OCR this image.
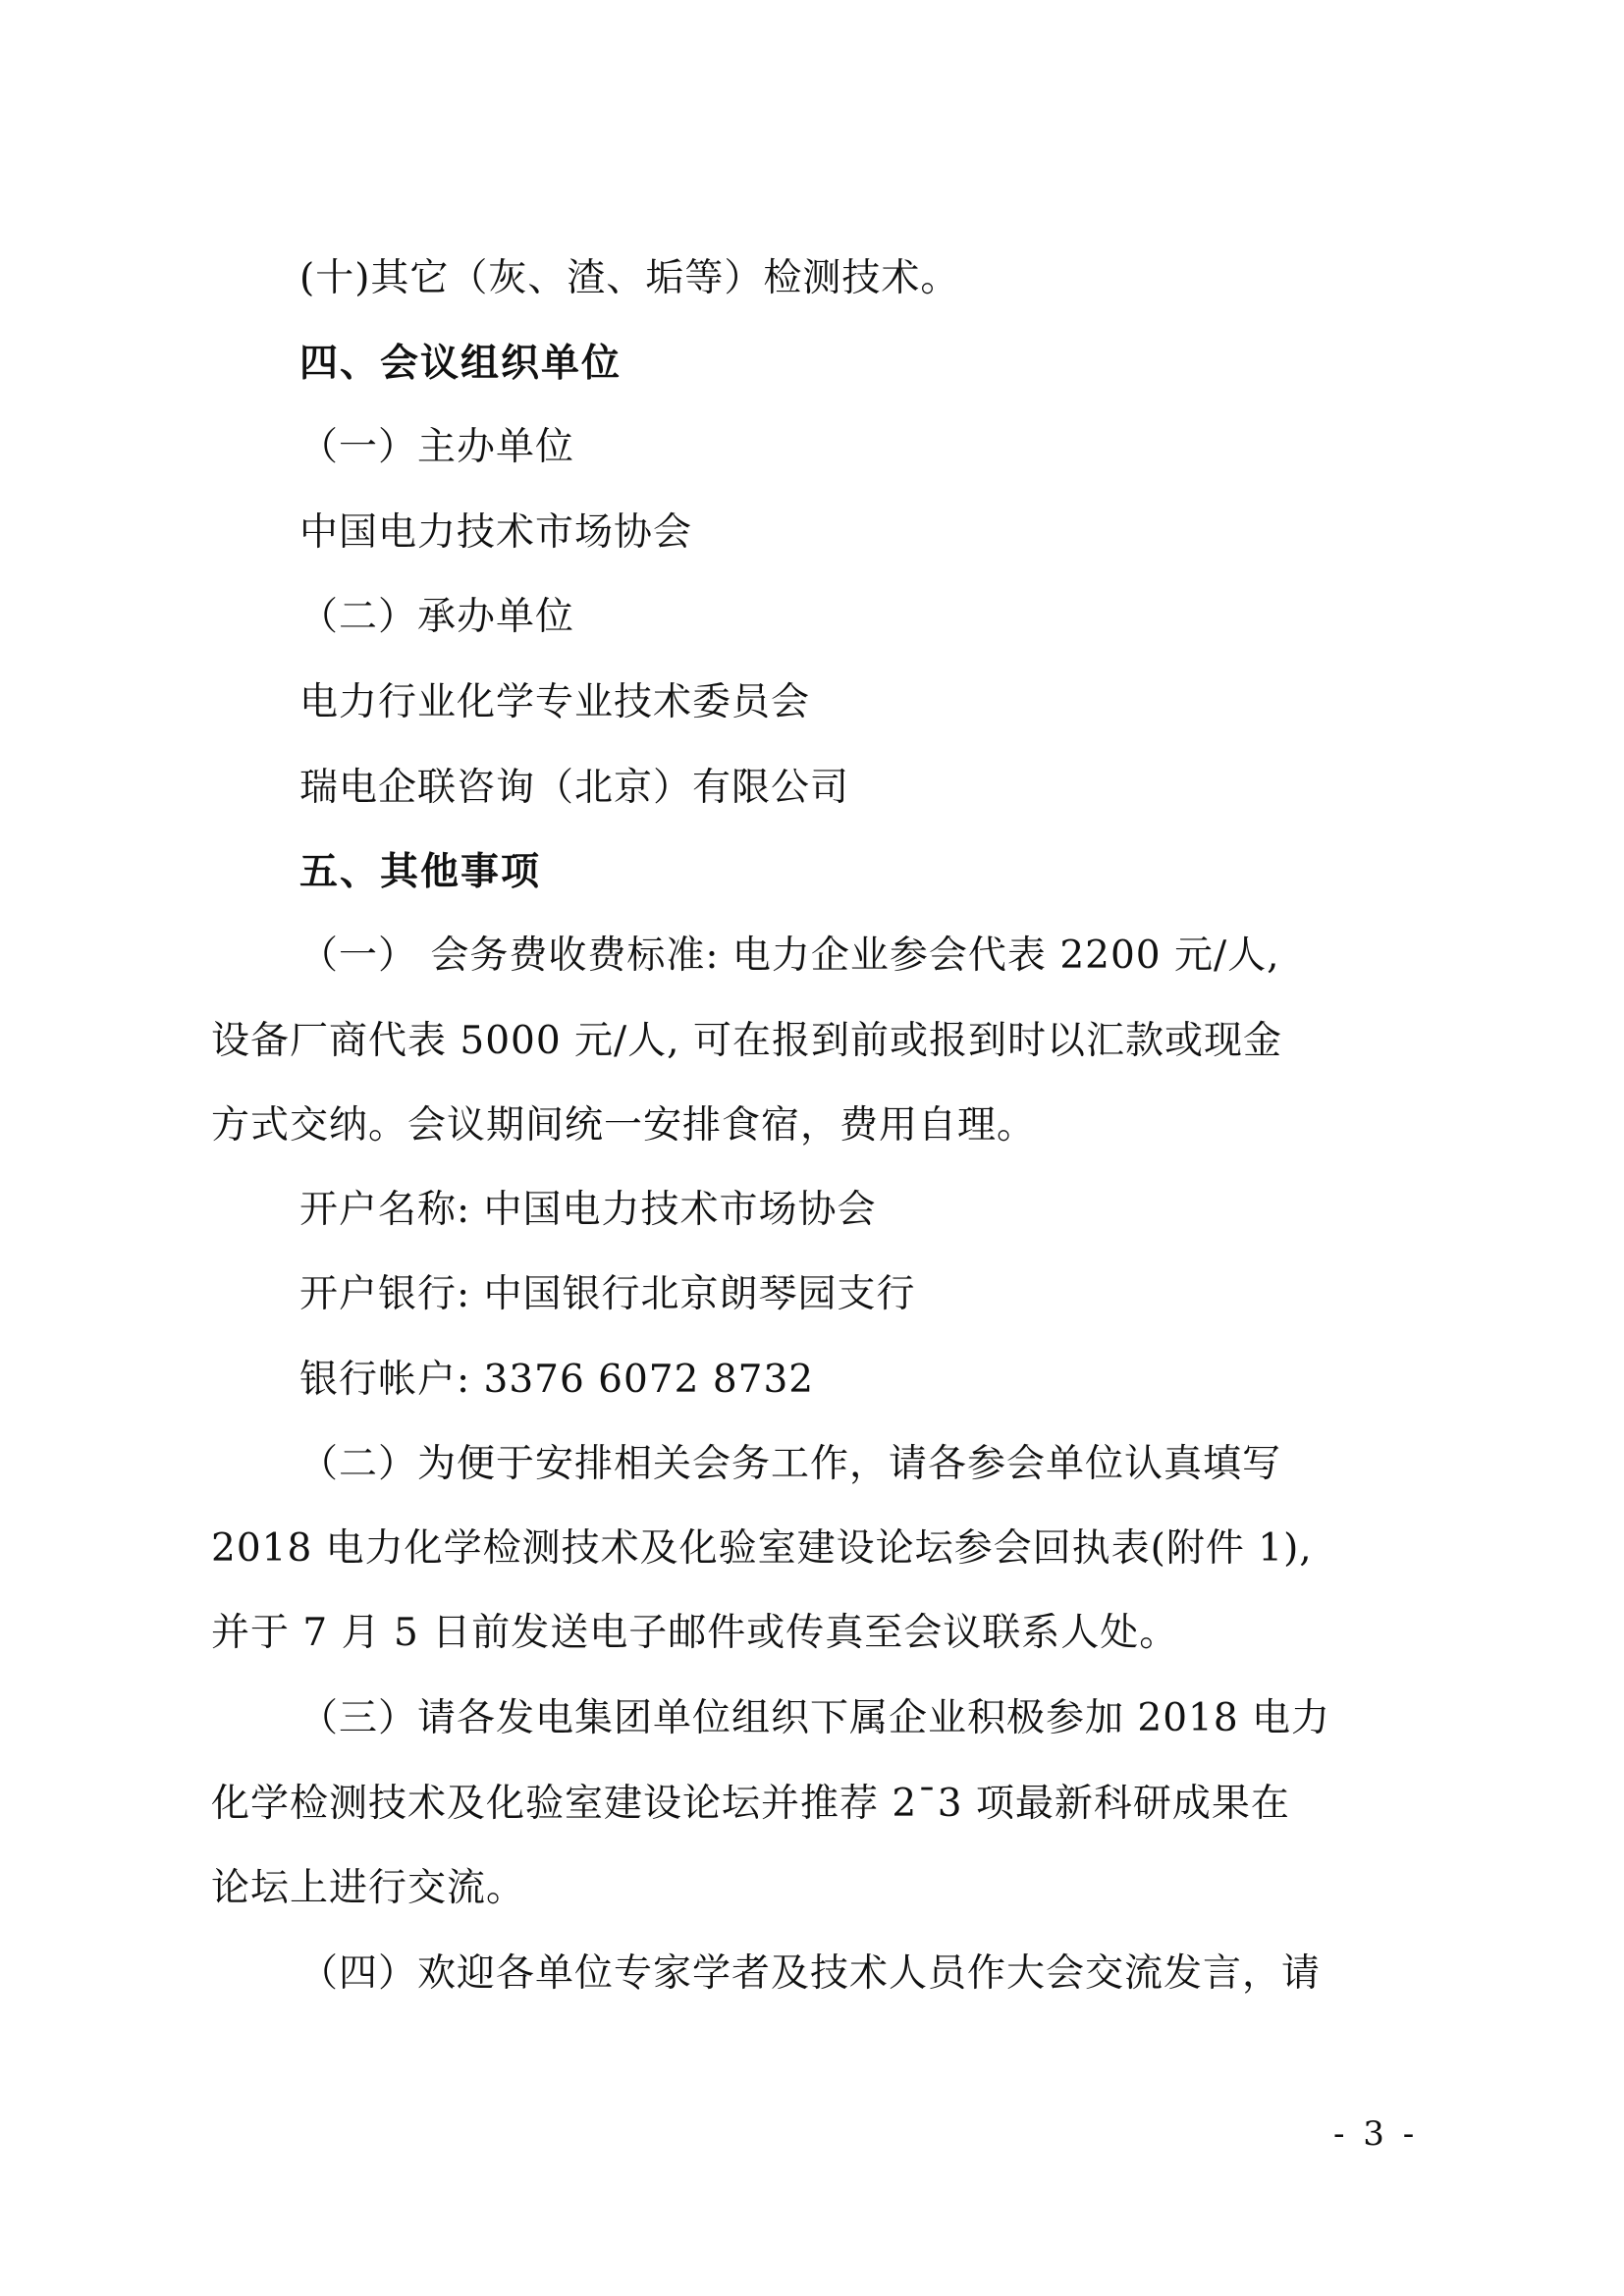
(十)其它（灰、渣、垢等）检测技术。
四、会议组织单位
（一）主办单位
中国电力技术市场协会
（二）承办单位
电力行业化学专业技术委员会
瑞电企联咨询（北京）有限公司
五、其他事项
（一） 会务费收费标准: 电力企业参会代表 2200 元/人,
设备厂商代表 5000 元/人, 可在报到前或报到时以汇款或现金
方式交纳。会议期间统一安排食宿，费用自理。
开户名称: 中国电力技术市场协会
开户银行: 中国银行北京朗琴园支行
银行帐户: 3376 6072 8732
（二）为便于安排相关会务工作，请各参会单位认真填写
2018 电力化学检测技术及化验室建设论坛参会回执表(附件 1),
并于 7 月 5 日前发送电子邮件或传真至会议联系人处。
（三）请各发电集团单位组织下属企业积极参加 2018 电力
化学检测技术及化验室建设论坛并推荐 2¯3 项最新科研成果在
论坛上进行交流。
（四）欢迎各单位专家学者及技术人员作大会交流发言，请
- 3 -
